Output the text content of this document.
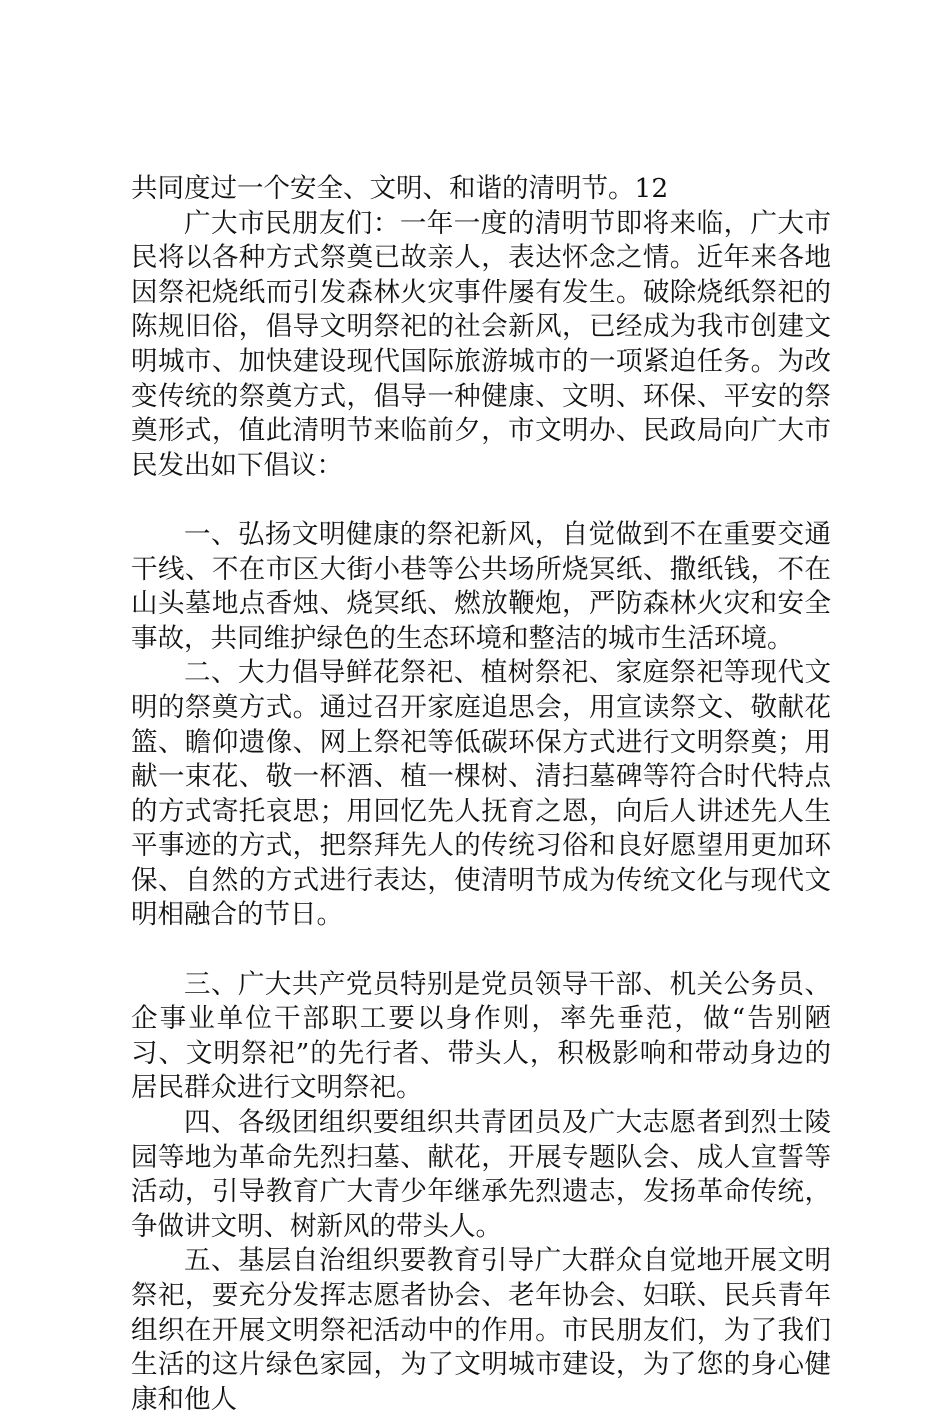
共同度过一个安全、文明、和谐的清明节。12

广大市民朋友们：一年一度的清明节即将来临，广大市民将以各种方式祭奠已故亲人，表达怀念之情。近年来各地因祭祀烧纸而引发森林火灾事件屡有发生。破除烧纸祭祀的陈规旧俗，倡导文明祭祀的社会新风，已经成为我市创建文明城市、加快建设现代国际旅游城市的一项紧迫任务。为改变传统的祭奠方式，倡导一种健康、文明、环保、平安的祭奠形式，值此清明节来临前夕，市文明办、民政局向广大市民发出如下倡议：

一、弘扬文明健康的祭祀新风，自觉做到不在重要交通干线、不在市区大街小巷等公共场所烧冥纸、撒纸钱，不在山头墓地点香烛、烧冥纸、燃放鞭炮，严防森林火灾和安全事故，共同维护绿色的生态环境和整洁的城市生活环境。

二、大力倡导鲜花祭祀、植树祭祀、家庭祭祀等现代文明的祭奠方式。通过召开家庭追思会，用宣读祭文、敬献花篮、瞻仰遗像、网上祭祀等低碳环保方式进行文明祭奠；用献一束花、敬一杯酒、植一棵树、清扫墓碑等符合时代特点的方式寄托哀思；用回忆先人抚育之恩，向后人讲述先人生平事迹的方式，把祭拜先人的传统习俗和良好愿望用更加环保、自然的方式进行表达，使清明节成为传统文化与现代文明相融合的节日。

三、广大共产党员特别是党员领导干部、机关公务员、企事业单位干部职工要以身作则，率先垂范，做“告别陋习、文明祭祀”的先行者、带头人，积极影响和带动身边的居民群众进行文明祭祀。

四、各级团组织要组织共青团员及广大志愿者到烈士陵园等地为革命先烈扫墓、献花，开展专题队会、成人宣誓等活动，引导教育广大青少年继承先烈遗志，发扬革命传统，争做讲文明、树新风的带头人。

五、基层自治组织要教育引导广大群众自觉地开展文明祭祀，要充分发挥志愿者协会、老年协会、妇联、民兵青年组织在开展文明祭祀活动中的作用。市民朋友们，为了我们生活的这片绿色家园，为了文明城市建设，为了您的身心健康和他人
